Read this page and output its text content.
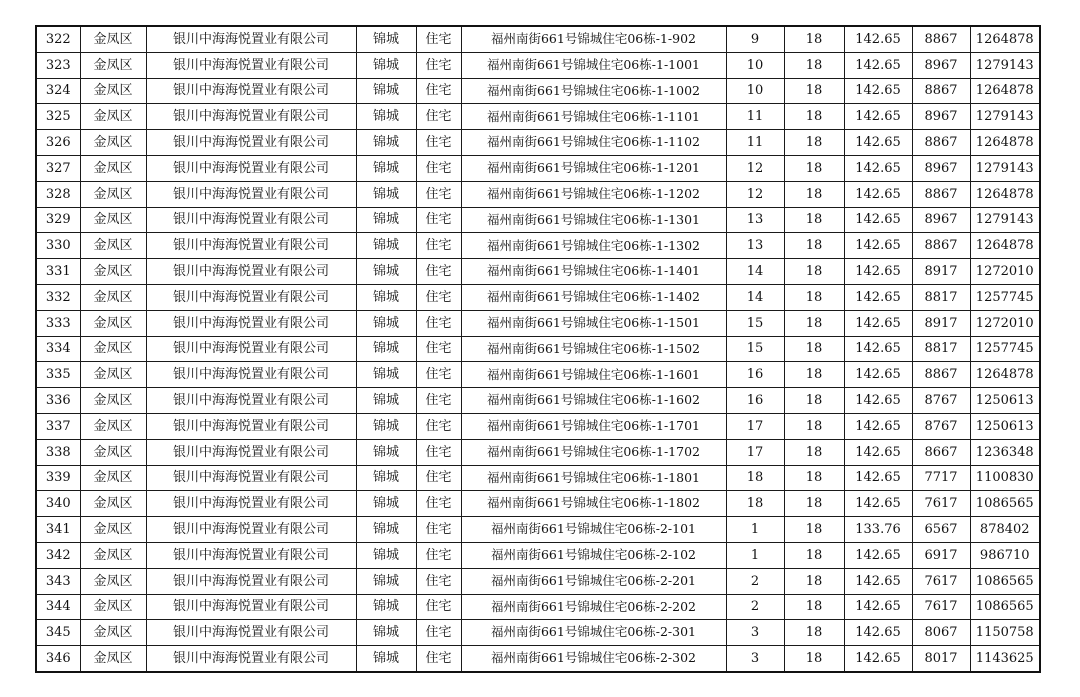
322	金凤区	银川中海海悦置业有限公司	锦城	住宅	福州南街661号锦城住宅06栋-1-902	9	18	142.65	8867	1264878
323	金凤区	银川中海海悦置业有限公司	锦城	住宅	福州南街661号锦城住宅06栋-1-1001	10	18	142.65	8967	1279143
324	金凤区	银川中海海悦置业有限公司	锦城	住宅	福州南街661号锦城住宅06栋-1-1002	10	18	142.65	8867	1264878
325	金凤区	银川中海海悦置业有限公司	锦城	住宅	福州南街661号锦城住宅06栋-1-1101	11	18	142.65	8967	1279143
326	金凤区	银川中海海悦置业有限公司	锦城	住宅	福州南街661号锦城住宅06栋-1-1102	11	18	142.65	8867	1264878
327	金凤区	银川中海海悦置业有限公司	锦城	住宅	福州南街661号锦城住宅06栋-1-1201	12	18	142.65	8967	1279143
328	金凤区	银川中海海悦置业有限公司	锦城	住宅	福州南街661号锦城住宅06栋-1-1202	12	18	142.65	8867	1264878
329	金凤区	银川中海海悦置业有限公司	锦城	住宅	福州南街661号锦城住宅06栋-1-1301	13	18	142.65	8967	1279143
330	金凤区	银川中海海悦置业有限公司	锦城	住宅	福州南街661号锦城住宅06栋-1-1302	13	18	142.65	8867	1264878
331	金凤区	银川中海海悦置业有限公司	锦城	住宅	福州南街661号锦城住宅06栋-1-1401	14	18	142.65	8917	1272010
332	金凤区	银川中海海悦置业有限公司	锦城	住宅	福州南街661号锦城住宅06栋-1-1402	14	18	142.65	8817	1257745
333	金凤区	银川中海海悦置业有限公司	锦城	住宅	福州南街661号锦城住宅06栋-1-1501	15	18	142.65	8917	1272010
334	金凤区	银川中海海悦置业有限公司	锦城	住宅	福州南街661号锦城住宅06栋-1-1502	15	18	142.65	8817	1257745
335	金凤区	银川中海海悦置业有限公司	锦城	住宅	福州南街661号锦城住宅06栋-1-1601	16	18	142.65	8867	1264878
336	金凤区	银川中海海悦置业有限公司	锦城	住宅	福州南街661号锦城住宅06栋-1-1602	16	18	142.65	8767	1250613
337	金凤区	银川中海海悦置业有限公司	锦城	住宅	福州南街661号锦城住宅06栋-1-1701	17	18	142.65	8767	1250613
338	金凤区	银川中海海悦置业有限公司	锦城	住宅	福州南街661号锦城住宅06栋-1-1702	17	18	142.65	8667	1236348
339	金凤区	银川中海海悦置业有限公司	锦城	住宅	福州南街661号锦城住宅06栋-1-1801	18	18	142.65	7717	1100830
340	金凤区	银川中海海悦置业有限公司	锦城	住宅	福州南街661号锦城住宅06栋-1-1802	18	18	142.65	7617	1086565
341	金凤区	银川中海海悦置业有限公司	锦城	住宅	福州南街661号锦城住宅06栋-2-101	1	18	133.76	6567	878402
342	金凤区	银川中海海悦置业有限公司	锦城	住宅	福州南街661号锦城住宅06栋-2-102	1	18	142.65	6917	986710
343	金凤区	银川中海海悦置业有限公司	锦城	住宅	福州南街661号锦城住宅06栋-2-201	2	18	142.65	7617	1086565
344	金凤区	银川中海海悦置业有限公司	锦城	住宅	福州南街661号锦城住宅06栋-2-202	2	18	142.65	7617	1086565
345	金凤区	银川中海海悦置业有限公司	锦城	住宅	福州南街661号锦城住宅06栋-2-301	3	18	142.65	8067	1150758
346	金凤区	银川中海海悦置业有限公司	锦城	住宅	福州南街661号锦城住宅06栋-2-302	3	18	142.65	8017	1143625
